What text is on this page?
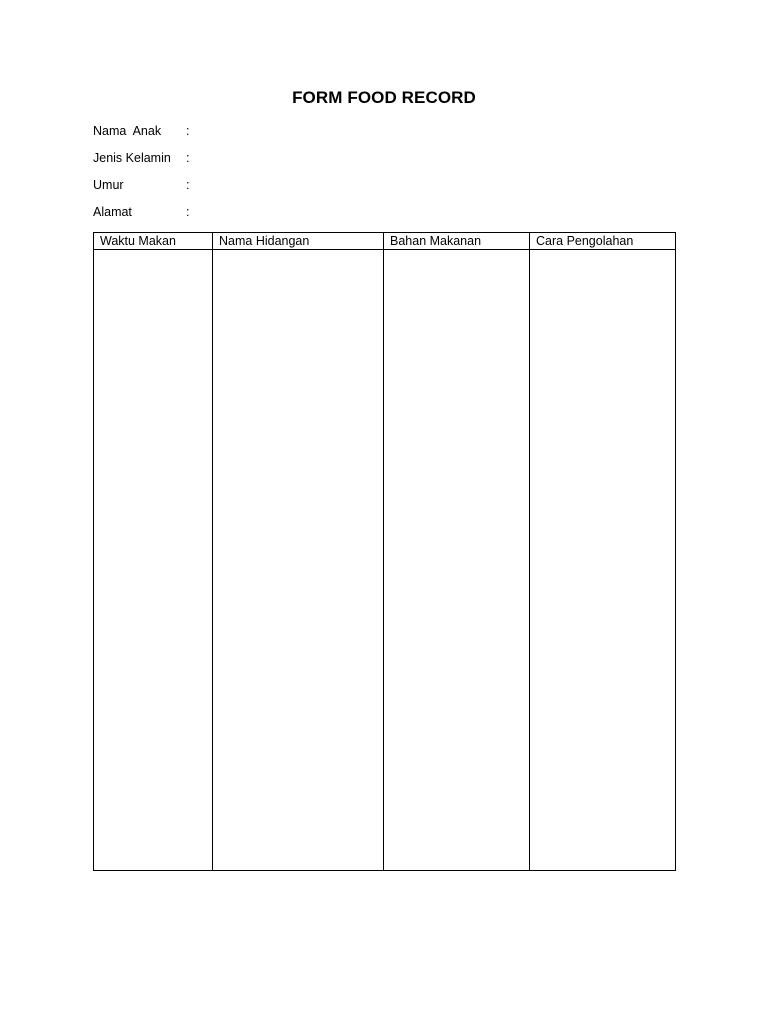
FORM FOOD RECORD
Nama  Anak :
Jenis Kelamin :
Umur	:
Alamat	:
Waktu Makan	Nama Hidangan	Bahan Makanan	Cara Pengolahan
